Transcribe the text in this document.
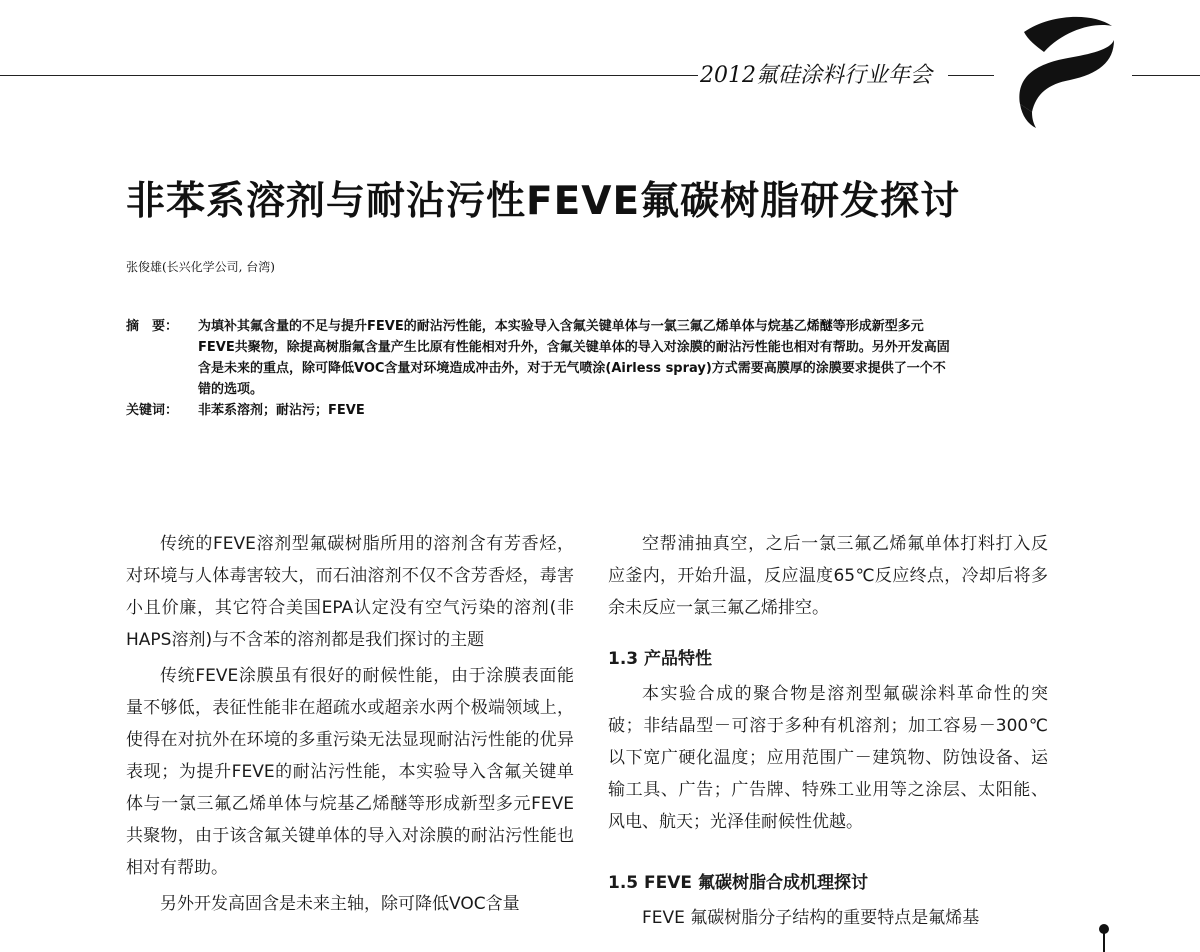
2012氟硅涂料行业年会
非苯系溶剂与耐沾污性FEVE氟碳树脂研发探讨
张俊雄(长兴化学公司, 台湾)
摘　要：	为填补其氟含量的不足与提升FEVE的耐沾污性能，本实验导入含氟关键单体与一氯三氟乙烯单体与烷基乙烯醚等形成新型多元FEVE共聚物，除提高树脂氟含量产生比原有性能相对升外，含氟关键单体的导入对涂膜的耐沾污性能也相对有帮助。另外开发高固含是未来的重点，除可降低VOC含量对环境造成冲击外，对于无气喷涂(Airless spray)方式需要高膜厚的涂膜要求提供了一个不错的选项。
关键词：	非苯系溶剂；耐沾污；FEVE

传统的FEVE溶剂型氟碳树脂所用的溶剂含有芳香烃，对环境与人体毒害较大，而石油溶剂不仅不含芳香烃，毒害小且价廉，其它符合美国EPA认定没有空气污染的溶剂(非HAPS溶剂)与不含苯的溶剂都是我们探讨的主题

传统FEVE涂膜虽有很好的耐候性能，由于涂膜表面能量不够低，表征性能非在超疏水或超亲水两个极端领域上，使得在对抗外在环境的多重污染无法显现耐沾污性能的优异表现；为提升FEVE的耐沾污性能，本实验导入含氟关键单体与一氯三氟乙烯单体与烷基乙烯醚等形成新型多元FEVE共聚物，由于该含氟关键单体的导入对涂膜的耐沾污性能也相对有帮助。

另外开发高固含是未来主轴，除可降低VOC含量

空帮浦抽真空，之后一氯三氟乙烯氟单体打料打入反应釜内，开始升温，反应温度65℃反应终点，冷却后将多余未反应一氯三氟乙烯排空。

1.3 产品特性

本实验合成的聚合物是溶剂型氟碳涂料革命性的突破；非结晶型－可溶于多种有机溶剂；加工容易－300℃以下宽广硬化温度；应用范围广－建筑物、防蚀设备、运输工具、广告；广告牌、特殊工业用等之涂层、太阳能、风电、航天；光泽佳耐候性优越。

1.5 FEVE 氟碳树脂合成机理探讨

FEVE 氟碳树脂分子结构的重要特点是氟烯基
